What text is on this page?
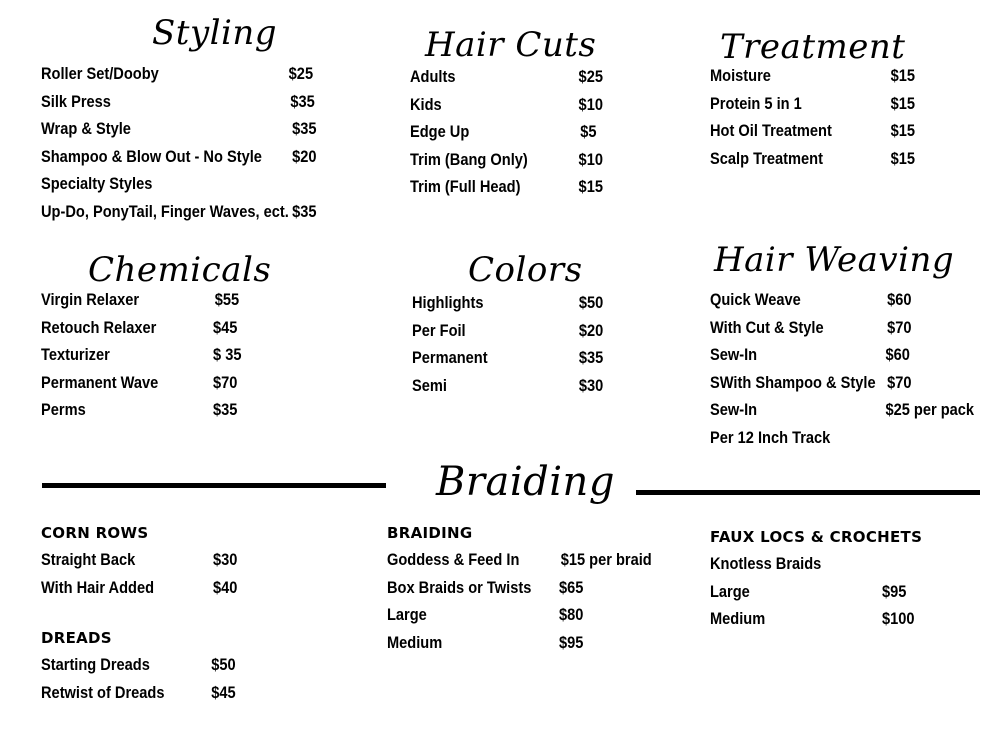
Styling
Roller Set/Dooby	$25
Silk Press	$35
Wrap & Style	$35
Shampoo & Blow Out - No Style $20
Specialty Styles
Up-Do, PonyTail, Finger Waves, ect. $35
Hair Cuts
Adults	$25
Kids	$10
Edge Up	$5
Trim (Bang Only)	$10
Trim (Full Head)	$15
Treatment
Moisture	$15
Protein 5 in 1	$15
Hot Oil Treatment	$15
Scalp Treatment	$15
Chemicals
Virgin Relaxer	$55
Retouch Relaxer	$45
Texturizer	$ 35
Permanent Wave	$70
Perms	$35
Colors
Highlights	$50
Per Foil	$20
Permanent	$35
Semi	$30
Hair Weaving
Quick Weave	$60
With Cut & Style	$70
Sew-In	$60
SWith Shampoo & Style $70
Sew-In	$25 per pack
Per 12 Inch Track
Braiding
CORN ROWS
Straight Back	$30
With Hair Added	$40
DREADS
Starting Dreads	$50
Retwist of Dreads	$45
BRAIDING
Goddess & Feed In $15 per braid
Box Braids or Twists $65
Large	$80
Medium	$95
FAUX LOCS & CROCHETS
Knotless Braids
Large	$95
Medium	$100
